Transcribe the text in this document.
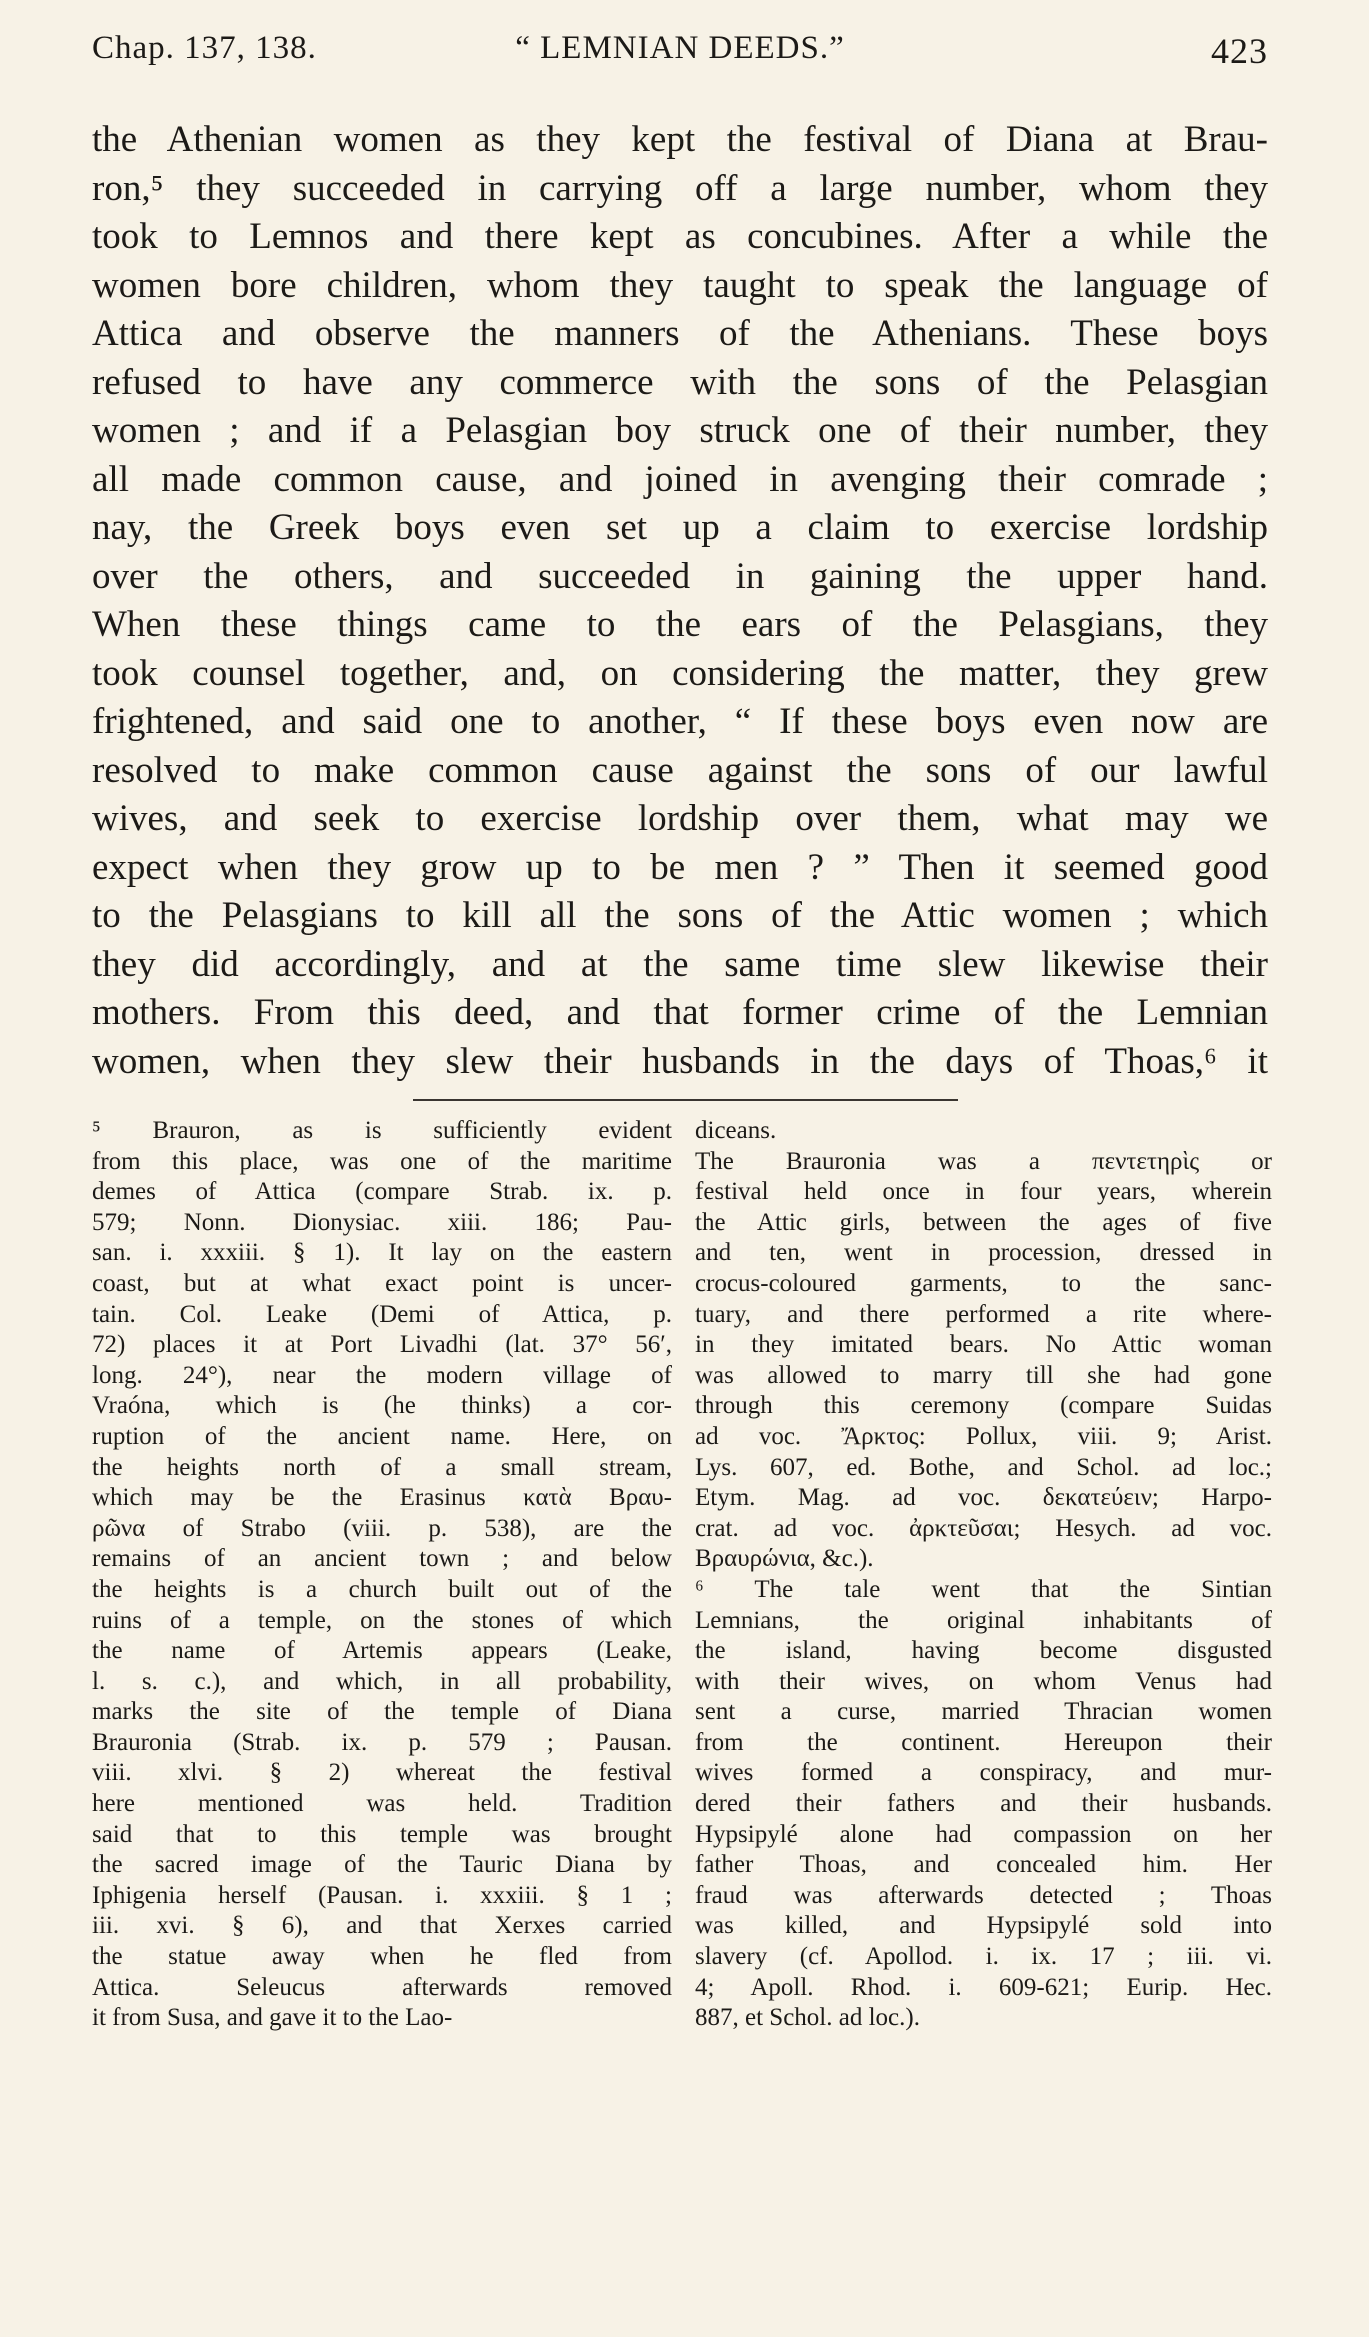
Chap. 137, 138.	“ LEMNIAN DEEDS.”	423
the Athenian women as they kept the festival of Diana at Brau-
ron,⁵ they succeeded in carrying off a large number, whom they
took to Lemnos and there kept as concubines. After a while the
women bore children, whom they taught to speak the language of
Attica and observe the manners of the Athenians. These boys
refused to have any commerce with the sons of the Pelasgian
women ; and if a Pelasgian boy struck one of their number, they
all made common cause, and joined in avenging their comrade ;
nay, the Greek boys even set up a claim to exercise lordship
over the others, and succeeded in gaining the upper hand.
When these things came to the ears of the Pelasgians, they
took counsel together, and, on considering the matter, they grew
frightened, and said one to another, “ If these boys even now are
resolved to make common cause against the sons of our lawful
wives, and seek to exercise lordship over them, what may we
expect when they grow up to be men ? ” Then it seemed good
to the Pelasgians to kill all the sons of the Attic women ; which
they did accordingly, and at the same time slew likewise their
mothers. From this deed, and that former crime of the Lemnian
women, when they slew their husbands in the days of Thoas,⁶ it
⁵ Brauron, as is sufficiently evident
from this place, was one of the maritime
demes of Attica (compare Strab. ix. p.
579; Nonn. Dionysiac. xiii. 186; Pau-
san. i. xxxiii. § 1). It lay on the eastern
coast, but at what exact point is uncer-
tain. Col. Leake (Demi of Attica, p.
72) places it at Port Livadhi (lat. 37° 56′,
long. 24°), near the modern village of
Vraóna, which is (he thinks) a cor-
ruption of the ancient name. Here, on
the heights north of a small stream,
which may be the Erasinus κατὰ Βραυ-
ρῶνα of Strabo (viii. p. 538), are the
remains of an ancient town ; and below
the heights is a church built out of the
ruins of a temple, on the stones of which
the name of Artemis appears (Leake,
l. s. c.), and which, in all probability,
marks the site of the temple of Diana
Brauronia (Strab. ix. p. 579 ; Pausan.
viii. xlvi. § 2) whereat the festival
here mentioned was held. Tradition
said that to this temple was brought
the sacred image of the Tauric Diana by
Iphigenia herself (Pausan. i. xxxiii. § 1 ;
iii. xvi. § 6), and that Xerxes carried
the statue away when he fled from
Attica. Seleucus afterwards removed
it from Susa, and gave it to the Lao-
diceans.
The Brauronia was a πεντετηρὶς or
festival held once in four years, wherein
the Attic girls, between the ages of five
and ten, went in procession, dressed in
crocus-coloured garments, to the sanc-
tuary, and there performed a rite where-
in they imitated bears. No Attic woman
was allowed to marry till she had gone
through this ceremony (compare Suidas
ad voc. Ἄρκτος: Pollux, viii. 9; Arist.
Lys. 607, ed. Bothe, and Schol. ad loc.;
Etym. Mag. ad voc. δεκατεύειν; Harpo-
crat. ad voc. ἀρκτεῦσαι; Hesych. ad voc.
Βραυρώνια, &c.).
⁶ The tale went that the Sintian
Lemnians, the original inhabitants of
the island, having become disgusted
with their wives, on whom Venus had
sent a curse, married Thracian women
from the continent. Hereupon their
wives formed a conspiracy, and mur-
dered their fathers and their husbands.
Hypsipylé alone had compassion on her
father Thoas, and concealed him. Her
fraud was afterwards detected ; Thoas
was killed, and Hypsipylé sold into
slavery (cf. Apollod. i. ix. 17 ; iii. vi.
4; Apoll. Rhod. i. 609-621; Eurip. Hec.
887, et Schol. ad loc.).
